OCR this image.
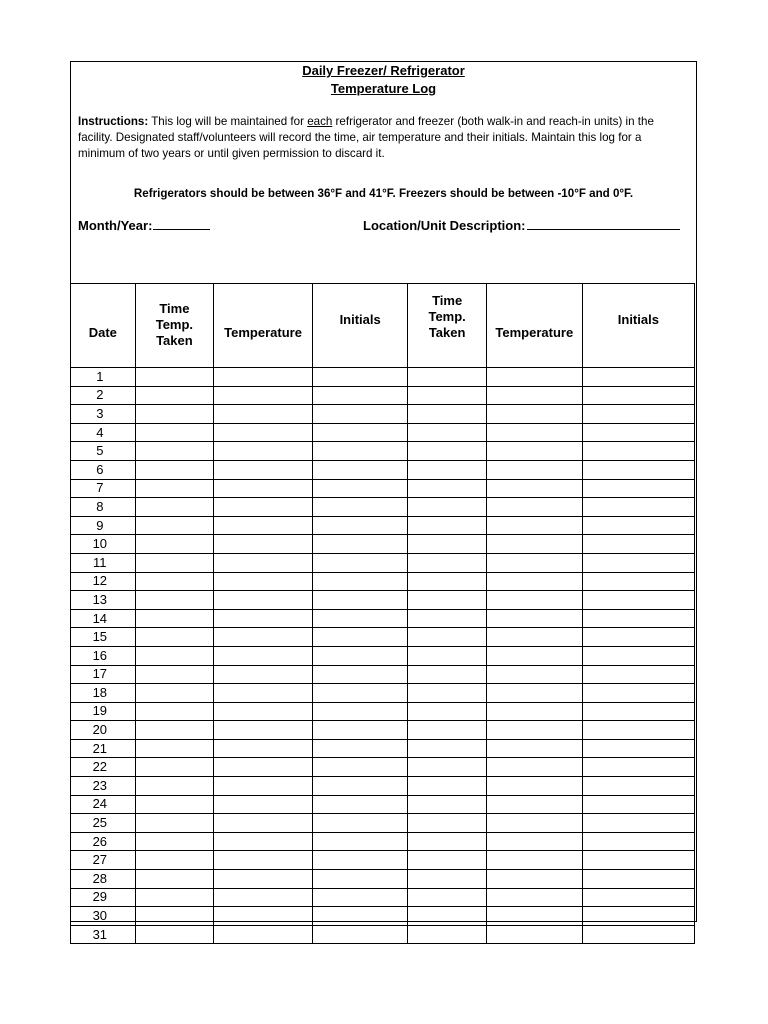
Daily Freezer/ Refrigerator
Temperature Log
Instructions: This log will be maintained for each refrigerator and freezer (both walk-in and reach-in units) in the facility. Designated staff/volunteers will record the time, air temperature and their initials. Maintain this log for a minimum of two years or until given permission to discard it.
Refrigerators should be between 36°F and 41°F. Freezers should be between -10°F and 0°F.
Month/Year:	Location/Unit Description:
Date	Time
Temp.
Taken	Temperature	Initials	Time
Temp.
Taken	Temperature	Initials
1						
2						
3						
4						
5						
6						
7						
8						
9						
10						
11						
12						
13						
14						
15						
16						
17						
18						
19						
20						
21						
22						
23						
24						
25						
26						
27						
28						
29						
30						
31						
